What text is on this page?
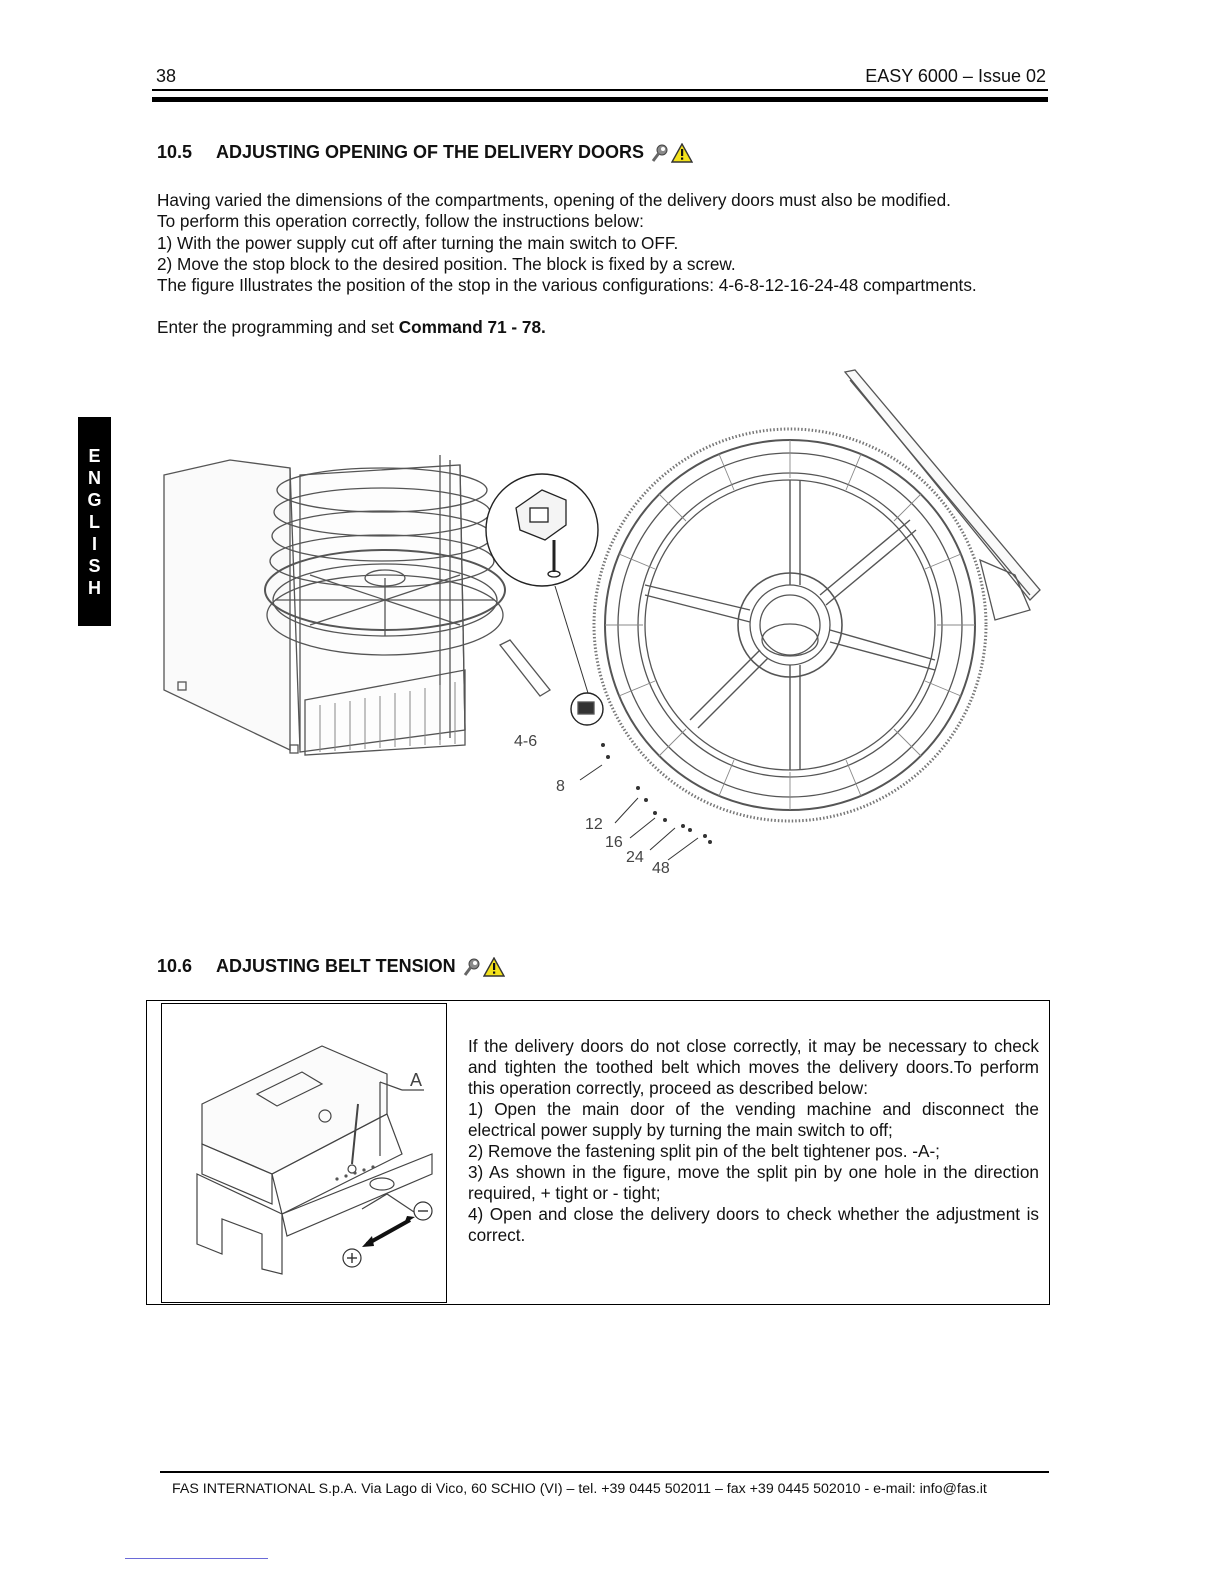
38	EASY 6000 – Issue 02
E
N
G
L
I
S
H
10.5	ADJUSTING OPENING OF THE DELIVERY DOORS

Having varied the dimensions of the compartments, opening of the delivery doors must also be modified.

To perform this operation correctly, follow the instructions below:

1) With the power supply cut off after turning the main switch to OFF.

2) Move the stop block to the desired position. The block is fixed by a screw.

The figure Illustrates the position of the stop in the various configurations: 4-6-8-12-16-24-48 compartments.

Enter the programming and set Command 71 - 78.

4-6
8
12
16
24
48
10.6	ADJUSTING BELT TENSION
A

If the delivery doors do not close correctly, it may be necessary to check and tighten the toothed belt which moves the delivery doors.To perform this operation correctly, proceed as described below:

1) Open the main door of the vending machine and disconnect the electrical power supply by turning the main switch to off;

2) Remove the fastening split pin of the belt tightener pos. -A-;

3) As shown in the figure, move the split pin by one hole in the direction required, + tight or - tight;

4) Open and close the delivery doors to check whether the adjustment is correct.

FAS INTERNATIONAL S.p.A. Via Lago di Vico, 60 SCHIO (VI) – tel. +39 0445 502011 – fax +39 0445 502010 - e-mail: info@fas.it
